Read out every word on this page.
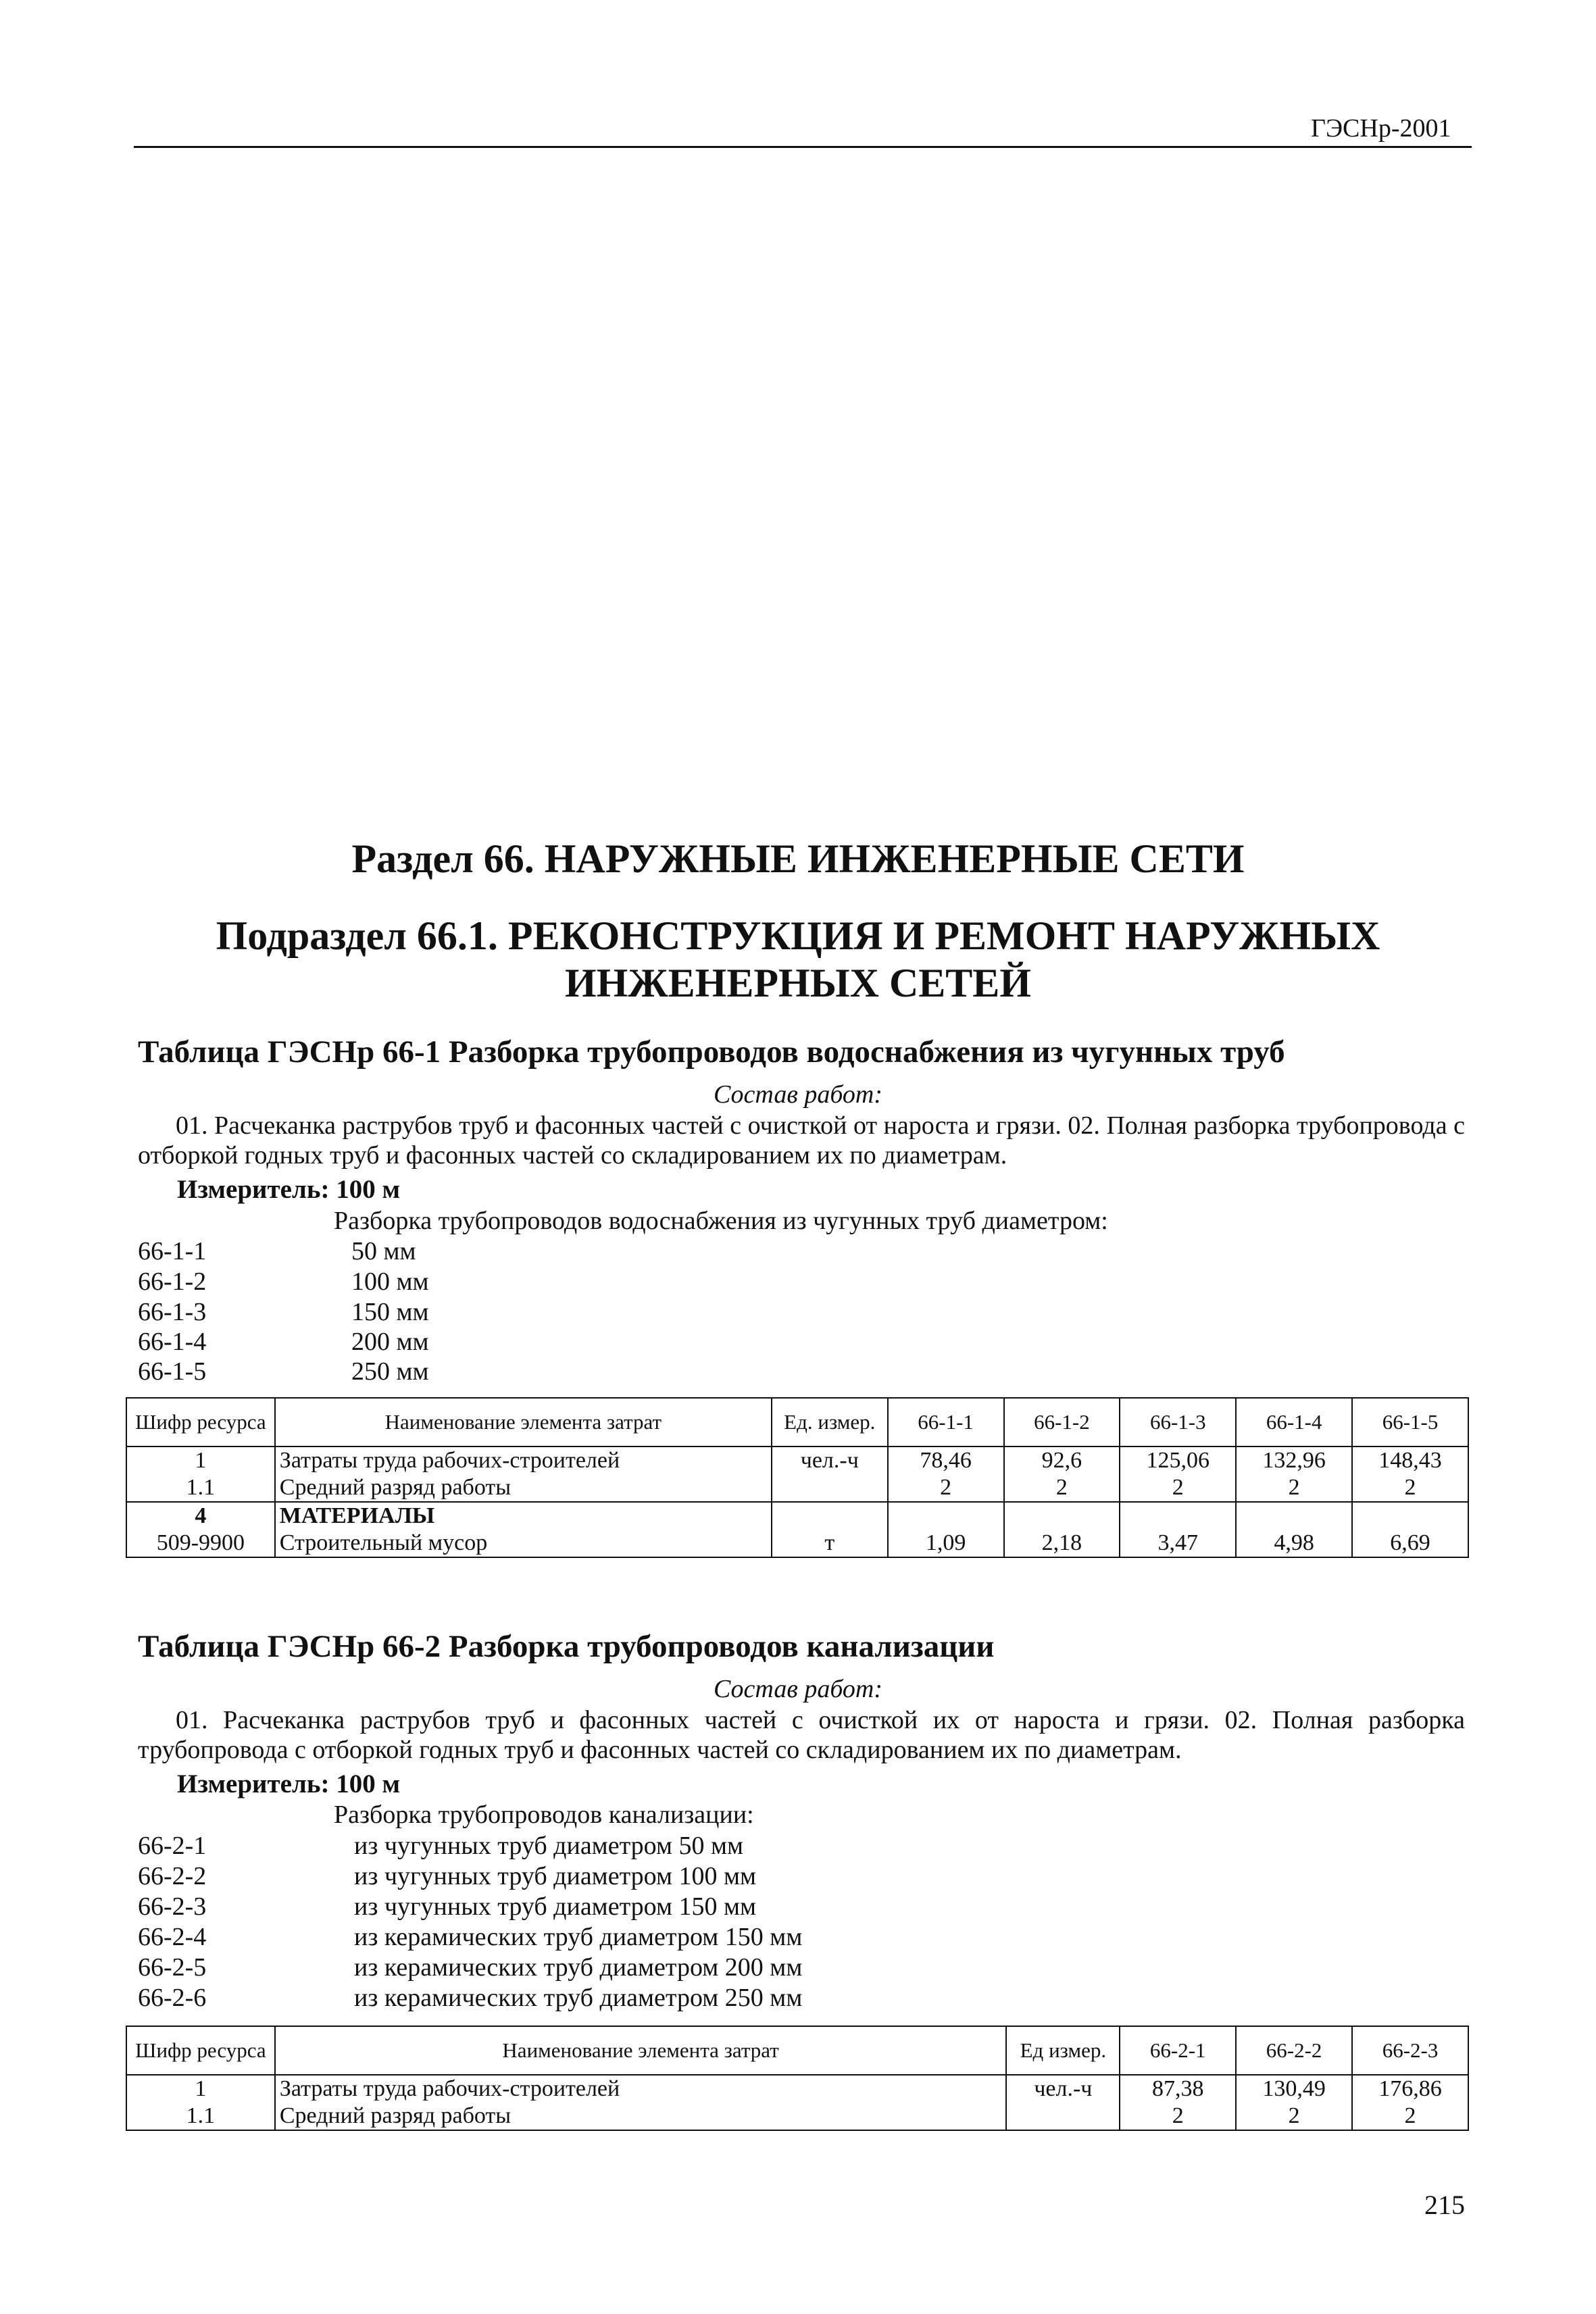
ГЭСНр-2001
Раздел 66. НАРУЖНЫЕ ИНЖЕНЕРНЫЕ СЕТИ
Подраздел 66.1. РЕКОНСТРУКЦИЯ И РЕМОНТ НАРУЖНЫХ
ИНЖЕНЕРНЫХ СЕТЕЙ
Таблица ГЭСНр 66-1 Разборка трубопроводов водоснабжения из чугунных труб
Состав работ:
01. Расчеканка раструбов труб и фасонных частей с очисткой от нароста и грязи. 02. Полная разборка трубопровода с отборкой годных труб и фасонных частей со складированием их по диаметрам.
Измеритель: 100 м
Разборка трубопроводов водоснабжения из чугунных труб диаметром:
66-1-1	50 мм
66-1-2	100 мм
66-1-3	150 мм
66-1-4	200 мм
66-1-5	250 мм
Шифр ресурса	Наименование элемента затрат	Ед. измер.	66-1-1	66-1-2	66-1-3	66-1-4	66-1-5
1	Затраты труда рабочих-строителей	чел.-ч	78,46	92,6	125,06	132,96	148,43
1.1	Средний разряд работы		2	2	2	2	2
4	МАТЕРИАЛЫ						
509-9900	Строительный мусор	т	1,09	2,18	3,47	4,98	6,69
Таблица ГЭСНр 66-2 Разборка трубопроводов канализации
Состав работ:
01. Расчеканка раструбов труб и фасонных частей с очисткой их от нароста и грязи. 02. Полная разборка трубопровода с отборкой годных труб и фасонных частей со складированием их по диаметрам.
Измеритель: 100 м
Разборка трубопроводов канализации:
66-2-1	из чугунных труб диаметром 50 мм
66-2-2	из чугунных труб диаметром 100 мм
66-2-3	из чугунных труб диаметром 150 мм
66-2-4	из керамических труб диаметром 150 мм
66-2-5	из керамических труб диаметром 200 мм
66-2-6	из керамических труб диаметром 250 мм
Шифр ресурса	Наименование элемента затрат	Ед измер.	66-2-1	66-2-2	66-2-3
1	Затраты труда рабочих-строителей	чел.-ч	87,38	130,49	176,86
1.1	Средний разряд работы		2	2	2
215
